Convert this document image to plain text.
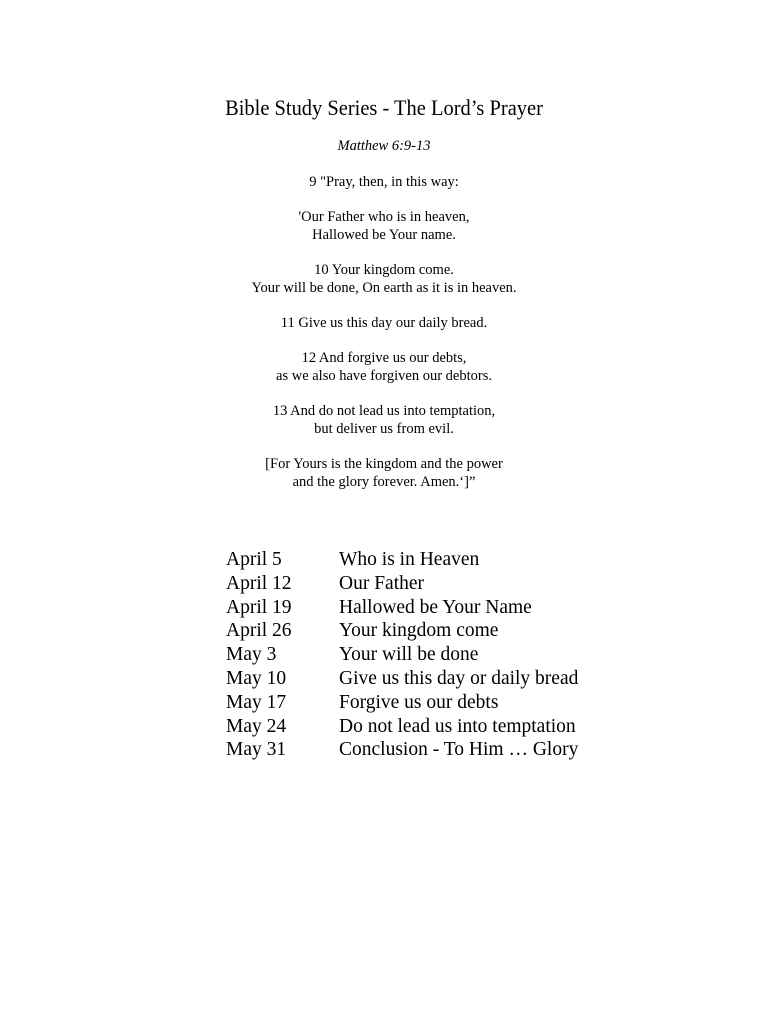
Bible Study Series - The Lord’s Prayer
Matthew 6:9-13
9 "Pray, then, in this way:
'Our Father who is in heaven,
Hallowed be Your name.
10 Your kingdom come.
Your will be done, On earth as it is in heaven.
11 Give us this day our daily bread.
12 And forgive us our debts,
as we also have forgiven our debtors.
13 And do not lead us into temptation,
but deliver us from evil.
[For Yours is the kingdom and the power
and the glory forever. Amen.‘]”
April 5	Who is in Heaven
April 12	Our Father
April 19	Hallowed be Your Name
April 26	Your kingdom come
May 3	Your will be done
May 10	Give us this day or daily bread
May 17	Forgive us our debts
May 24	Do not lead us into temptation
May 31	Conclusion - To Him … Glory
